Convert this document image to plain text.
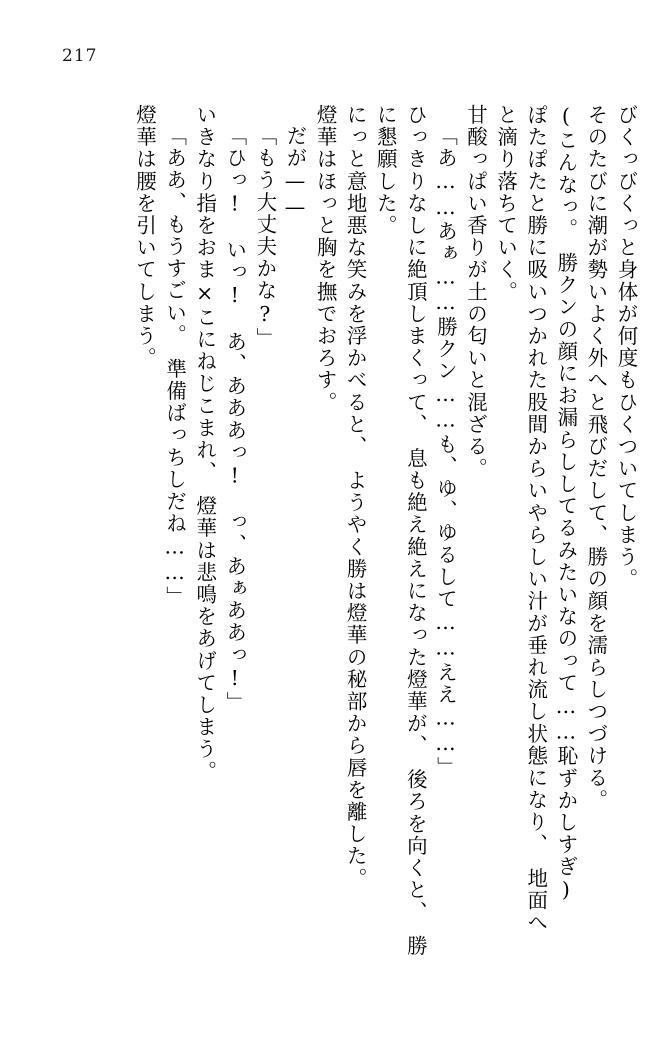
217
びくっびくっと身体が何度もひくついてしまう。
そのたびに潮が勢いよく外へと飛びだして、勝の顔を濡らしつづける。
(こんなっ。　勝クンの顔にお漏らししてるみたいなのって……恥ずかしすぎ)
ぽたぽたと勝に吸いつかれた股間からいやらしい汁が垂れ流し状態になり、　地面へ
と滴り落ちていく。
甘酸っぱい香りが土の匂いと混ざる。
「あ……あぁ……勝クン……も、ゆ、ゆるして……ええ……」
ひっきりなしに絶頂しまくって、　息も絶え絶えになった燈華が、　後ろを向くと、　勝
に懇願した。
にっと意地悪な笑みを浮かべると、　ようやく勝は燈華の秘部から唇を離した。
燈華はほっと胸を撫でおろす。
だが——
「もう大丈夫かな?」
「ひっ!　いっ!　あ、あああっ!　っ、あぁああっ!」
いきなり指をおま×こにねじこまれ、　燈華は悲鳴をあげてしまう。
「ああ、もうすごい。　準備ばっちしだね……」
燈華は腰を引いてしまう。
